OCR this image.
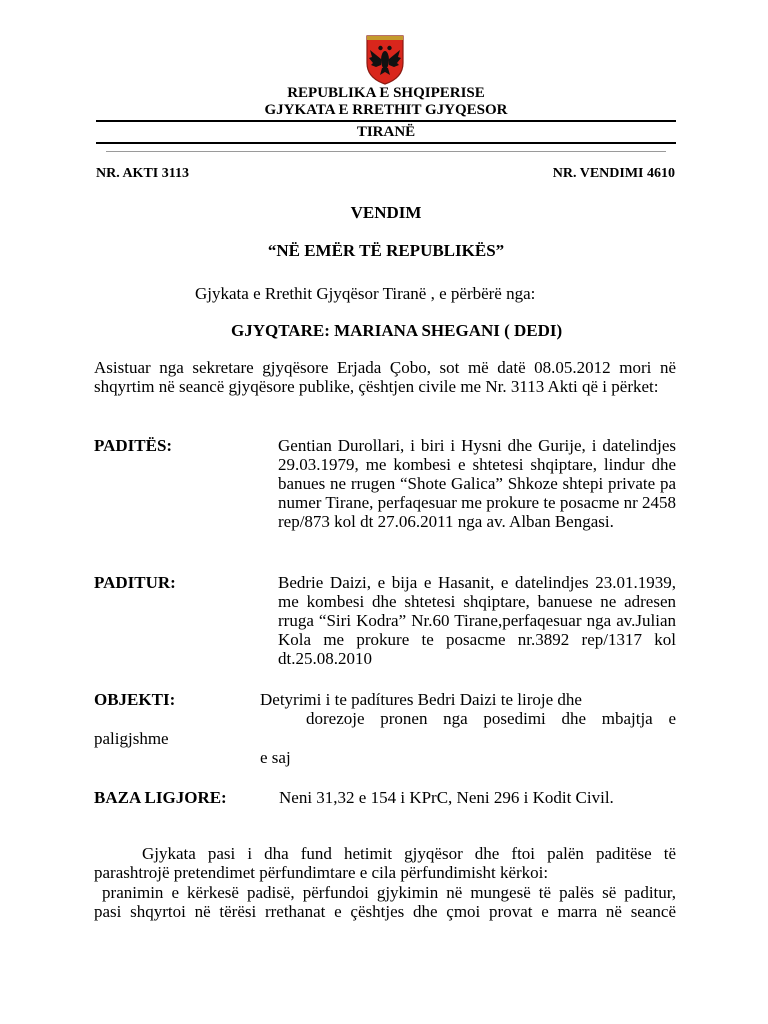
REPUBLIKA E SHQIPERISE
GJYKATA E RRETHIT GJYQESOR
TIRANË
NR. AKTI 3113	NR. VENDIMI 4610
VENDIM
“NË EMËR TË REPUBLIKËS”
Gjykata e Rrethit Gjyqësor Tiranë , e përbërë nga:
GJYQTARE: MARIANA SHEGANI ( DEDI)
Asistuar nga sekretare gjyqësore Erjada Çobo, sot më datë 08.05.2012 mori në shqyrtim në seancë gjyqësore publike, çështjen civile me Nr. 3113 Akti që i përket:
PADITËS:	Gentian Durollari, i biri i Hysni dhe Gurije, i datelindjes 29.03.1979, me kombesi e shtetesi shqiptare, lindur dhe banues ne rrugen “Shote Galica” Shkoze shtepi private pa numer Tirane, perfaqesuar me prokure te posacme nr 2458 rep/873 kol dt 27.06.2011 nga av. Alban Bengasi.
PADITUR:	Bedrie Daizi, e bija e Hasanit, e datelindjes 23.01.1939, me kombesi dhe shtetesi shqiptare, banuese ne adresen rruga “Siri Kodra” Nr.60 Tirane,perfaqesuar nga av.Julian Kola me prokure te posacme nr.3892 rep/1317 kol dt.25.08.2010
OBJEKTI:	Detyrimi i te padítures Bedri Daizi te liroje dhe
dorezoje pronen nga posedimi dhe mbajtja e
paligjshme
e saj
BAZA LIGJORE:	Neni 31,32 e 154 i KPrC, Neni 296 i Kodit Civil.
Gjykata pasi i dha fund hetimit gjyqësor dhe ftoi palën paditëse të
parashtrojë pretendimet përfundimtare e cila përfundimisht kërkoi:
pranimin e kërkesë padisë, përfundoi gjykimin në mungesë të palës së paditur,
pasi shqyrtoi në tërësi rrethanat e çështjes dhe çmoi provat e marra në seancë
